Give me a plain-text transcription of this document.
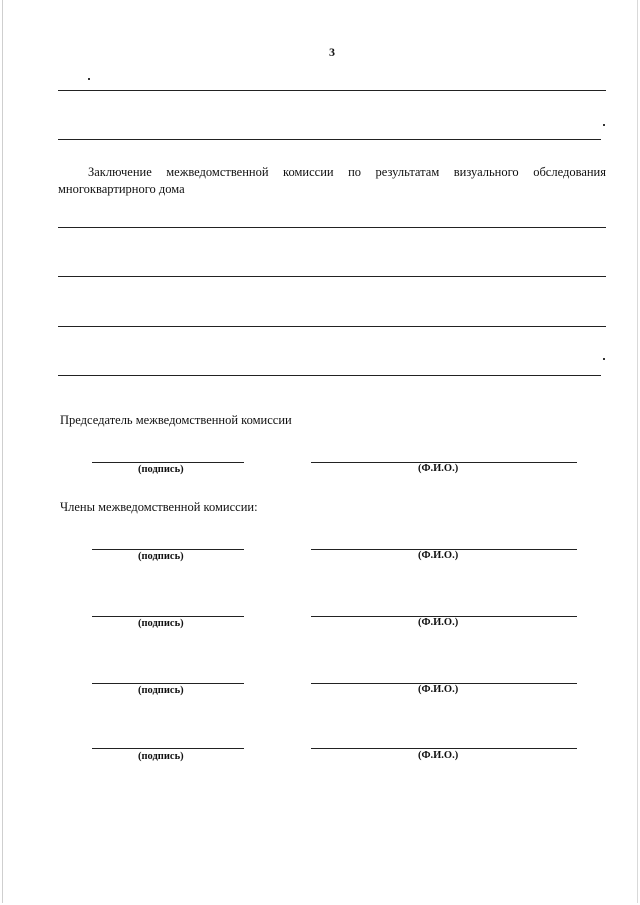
3

Заключение межведомственной комиссии по результатам визуального обследования многоквартирного дома

Председатель межведомственной комиссии
(подпись)	(Ф.И.О.)
Члены межведомственной комиссии:
(подпись)	(Ф.И.О.)
(подпись)	(Ф.И.О.)
(подпись)	(Ф.И.О.)
(подпись)	(Ф.И.О.)
